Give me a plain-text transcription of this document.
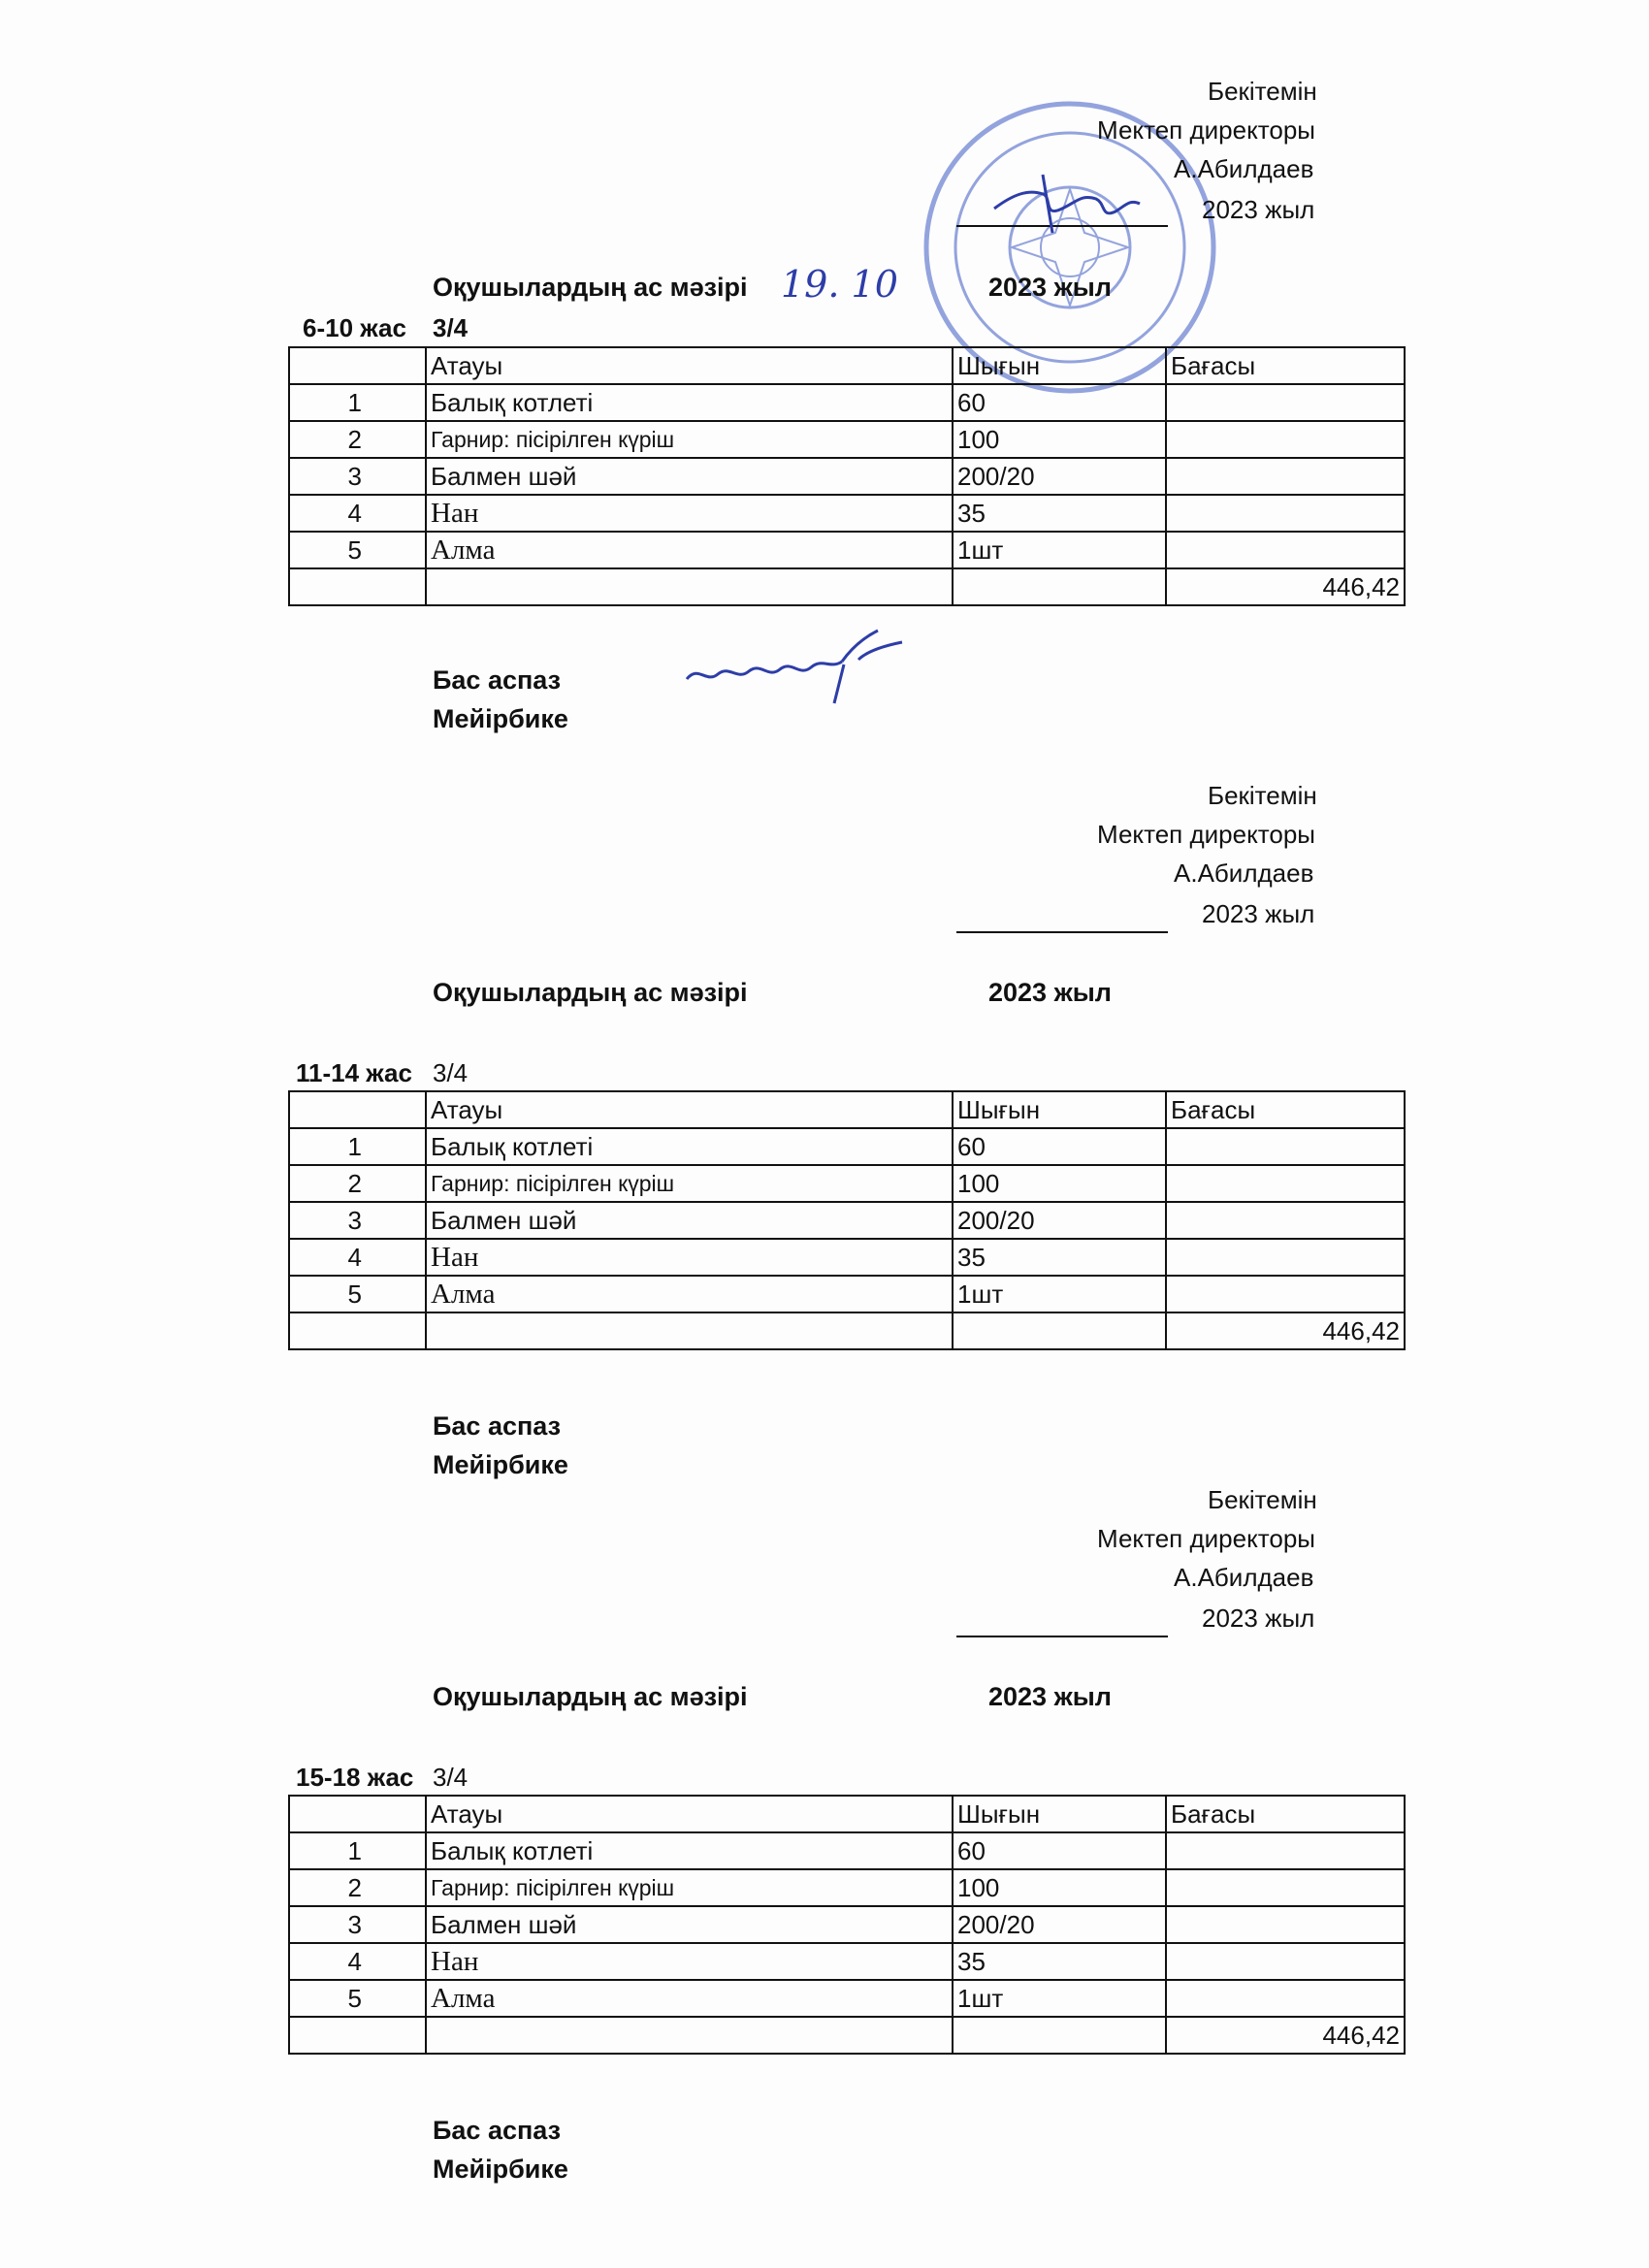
Бекітемін
Мектеп директоры
А.Абилдаев
2023 жыл
Оқушылардың ас мәзірі 19. 10	2023 жыл
6-10 жас 3/4
	Атауы	Шығын	Бағасы
1	Балық котлеті	60	
2	Гарнир: пісірілген күріш	100	
3	Балмен шәй	200/20	
4	Нан	35	
5	Алма	1шт	
			446,42
Бас аспаз
Мейірбике
Бекітемін
Мектеп директоры
А.Абилдаев
2023 жыл
Оқушылардың ас мәзірі	2023 жыл
11-14 жас 3/4
	Атауы	Шығын	Бағасы
1	Балық котлеті	60	
2	Гарнир: пісірілген күріш	100	
3	Балмен шәй	200/20	
4	Нан	35	
5	Алма	1шт	
			446,42
Бас аспаз
Мейірбике
Бекітемін
Мектеп директоры
А.Абилдаев
2023 жыл
Оқушылардың ас мәзірі	2023 жыл
15-18 жас 3/4
	Атауы	Шығын	Бағасы
1	Балық котлеті	60	
2	Гарнир: пісірілген күріш	100	
3	Балмен шәй	200/20	
4	Нан	35	
5	Алма	1шт	
			446,42
Бас аспаз
Мейірбике
